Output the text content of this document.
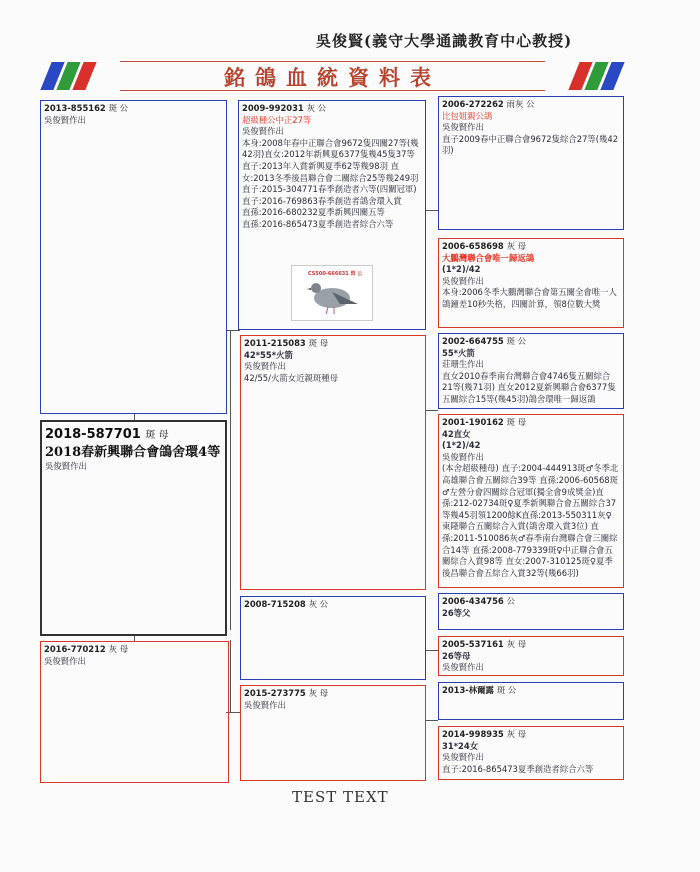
吳俊賢(義守大學通識教育中心教授)
銘鴿血統資料表
2013-855162 斑 公
吳俊賢作出
2018-587701 斑 母
2018春新興聯合會鴿舍環4等
吳俊賢作出
2016-770212 灰 母
吳俊賢作出
2009-992031 灰 公
超級種公中正27等
吳俊賢作出
本身:2008年春中正聯合會9672隻四關27等(幾42羽)直女:2012年新興夏6377隻幾45隻37等 直子:2013年入賞新興夏季62等幾98羽 直女:2013冬季後昌聯合會二關綜合25等幾249羽
直子:2015-304771春季創造者六等(四關冠軍)
直子:2016-769863春季創造者鴿舍環入賞
直孫:2016-680232夏季新興四關五等
直孫:2016-865473夏季創造者綜合六等
CS500-666631 斑 公
2011-215083 斑 母
42*55*火箭
吳俊賢作出
42/55/火箭女近親斑種母
2008-715208 灰 公
2015-273775 灰 母
吳俊賢作出
2006-272262 雨灰 公
比包姐親公鴿
吳俊賢作出
直子2009春中正聯合會9672隻綜合27等(幾42羽)
2006-658698 灰 母
大鵬灣聯合會唯一歸返鴿
(1*2)/42
吳俊賢作出
本身:2006冬季大鵬灣聯合會第五關全會唯一人鴿鐘差10秒失格，四關計算，領8位數大獎
2002-664755 斑 公
55*火箭
莊珊生作出
直女2010春季南台灣聯合會4746隻五關綜合21等(幾71羽) 直女2012夏新興聯合會6377隻五關綜合15等(幾45羽)鴿舍環唯一歸返鴿
2001-190162 斑 母
42直女
(1*2)/42
吳俊賢作出
(本舍超級種母) 直子:2004-444913斑♂冬季北高雄聯合會五關綜合39等 直孫:2006-60568斑♂左營分會四關綜合冠軍(獨全會9成獎金)直孫:212-02734斑♀夏季新興聯合會五關綜合37等幾45羽領1200餘K直孫:2013-550311灰♀東隆聯合五關綜合入賞(鴿舍環入賞3位) 直孫:2011-510086灰♂春季南台灣聯合會三關綜合14等 直孫:2008-779339斑♀中正聯合會五關綜合入賞98等 直女:2007-310125斑♀夏季後昌聯合會五綜合入賞32等(幾66羽)
2006-434756 公
26等父
2005-537161 灰 母
26等母
吳俊賢作出
2013-林爾露 斑 公
2014-998935 灰 母
31*24女
吳俊賢作出
直子:2016-865473夏季創造者綜合六等
TEST TEXT
